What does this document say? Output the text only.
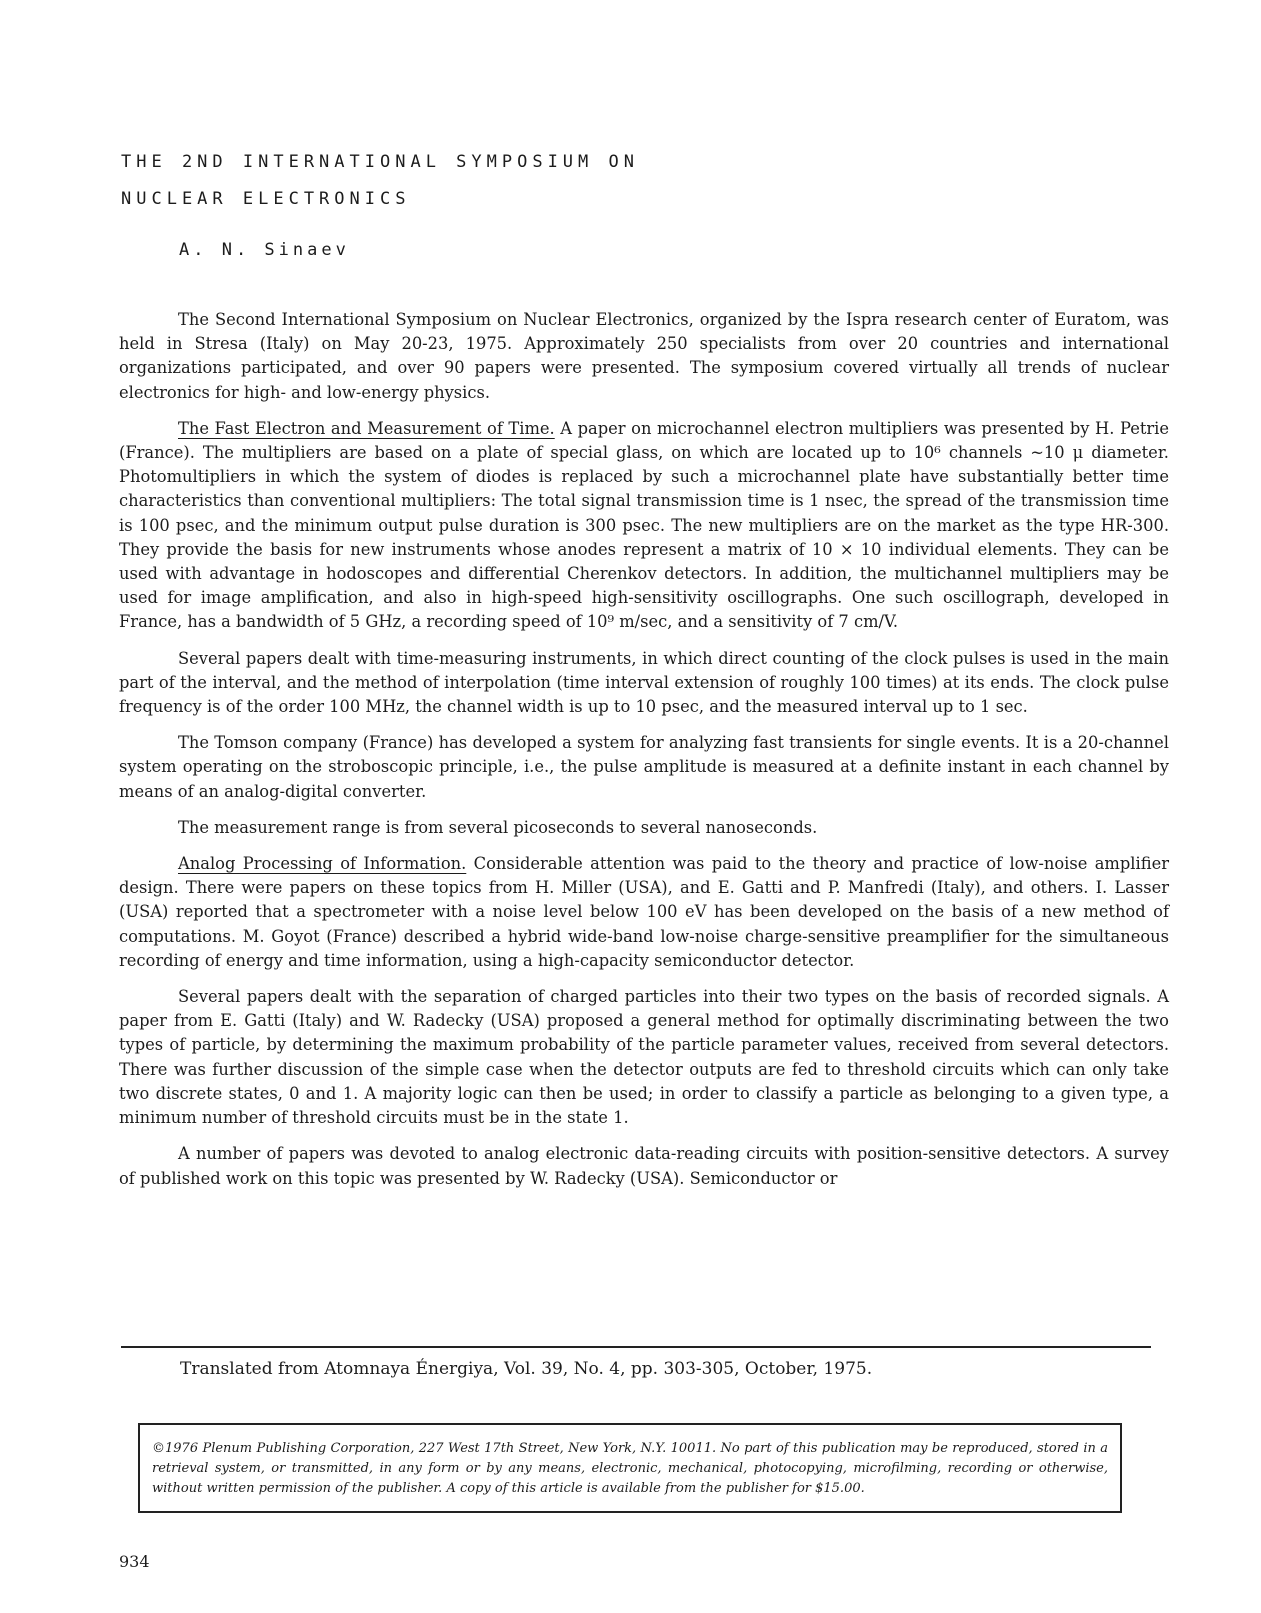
THE 2ND INTERNATIONAL SYMPOSIUM ON
NUCLEAR ELECTRONICS

A. N. Sinaev

The Second International Symposium on Nuclear Electronics, organized by the Ispra research center of Euratom, was held in Stresa (Italy) on May 20-23, 1975. Approximately 250 specialists from over 20 countries and international organizations participated, and over 90 papers were presented. The symposium covered virtually all trends of nuclear electronics for high- and low-energy physics.

The Fast Electron and Measurement of Time. A paper on microchannel electron multipliers was presented by H. Petrie (France). The multipliers are based on a plate of special glass, on which are located up to 10⁶ channels ~10 μ diameter. Photomultipliers in which the system of diodes is replaced by such a microchannel plate have substantially better time characteristics than conventional multipliers: The total signal transmission time is 1 nsec, the spread of the transmission time is 100 psec, and the minimum output pulse duration is 300 psec. The new multipliers are on the market as the type HR-300. They provide the basis for new instruments whose anodes represent a matrix of 10 × 10 individual elements. They can be used with advantage in hodoscopes and differential Cherenkov detectors. In addition, the multichannel multipliers may be used for image amplification, and also in high-speed high-sensitivity oscillographs. One such oscillograph, developed in France, has a bandwidth of 5 GHz, a recording speed of 10⁹ m/sec, and a sensitivity of 7 cm/V.

Several papers dealt with time-measuring instruments, in which direct counting of the clock pulses is used in the main part of the interval, and the method of interpolation (time interval extension of roughly 100 times) at its ends. The clock pulse frequency is of the order 100 MHz, the channel width is up to 10 psec, and the measured interval up to 1 sec.

The Tomson company (France) has developed a system for analyzing fast transients for single events. It is a 20-channel system operating on the stroboscopic principle, i.e., the pulse amplitude is measured at a definite instant in each channel by means of an analog-digital converter.

The measurement range is from several picoseconds to several nanoseconds.

Analog Processing of Information. Considerable attention was paid to the theory and practice of low-noise amplifier design. There were papers on these topics from H. Miller (USA), and E. Gatti and P. Manfredi (Italy), and others. I. Lasser (USA) reported that a spectrometer with a noise level below 100 eV has been developed on the basis of a new method of computations. M. Goyot (France) described a hybrid wide-band low-noise charge-sensitive preamplifier for the simultaneous recording of energy and time information, using a high-capacity semiconductor detector.

Several papers dealt with the separation of charged particles into their two types on the basis of recorded signals. A paper from E. Gatti (Italy) and W. Radecky (USA) proposed a general method for optimally discriminating between the two types of particle, by determining the maximum probability of the particle parameter values, received from several detectors. There was further discussion of the simple case when the detector outputs are fed to threshold circuits which can only take two discrete states, 0 and 1. A majority logic can then be used; in order to classify a particle as belonging to a given type, a minimum number of threshold circuits must be in the state 1.

A number of papers was devoted to analog electronic data-reading circuits with position-sensitive detectors. A survey of published work on this topic was presented by W. Radecky (USA). Semiconductor or

Translated from Atomnaya Énergiya, Vol. 39, No. 4, pp. 303-305, October, 1975.

©1976 Plenum Publishing Corporation, 227 West 17th Street, New York, N.Y. 10011. No part of this publication may be reproduced, stored in a retrieval system, or transmitted, in any form or by any means, electronic, mechanical, photocopying, microfilming, recording or otherwise, without written permission of the publisher. A copy of this article is available from the publisher for $15.00.

934
